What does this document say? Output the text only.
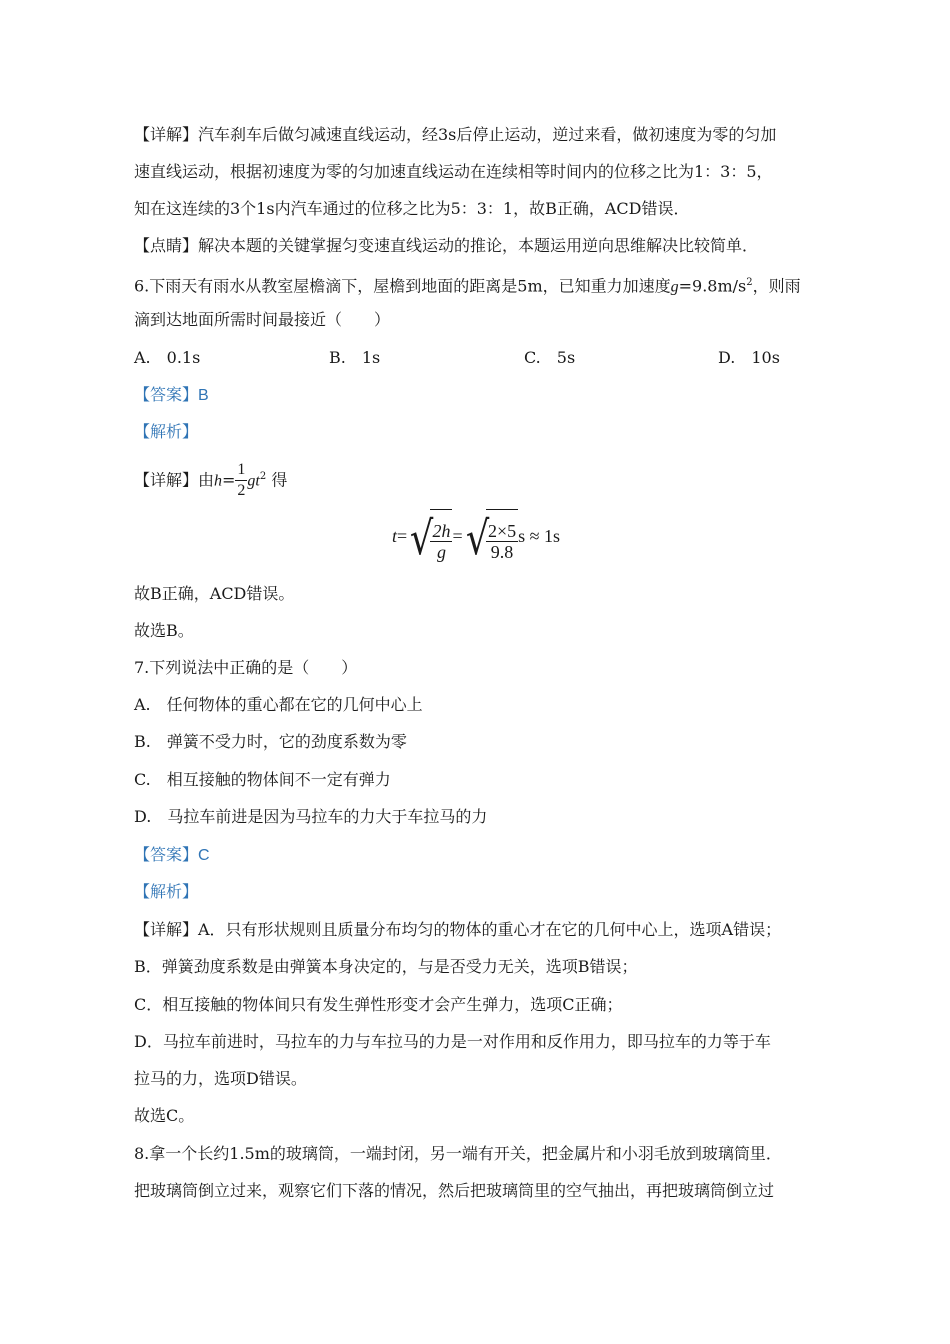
【详解】汽车刹车后做匀减速直线运动，经3s后停止运动，逆过来看，做初速度为零的匀加
速直线运动，根据初速度为零的匀加速直线运动在连续相等时间内的位移之比为1：3：5，
知在这连续的3个1s内汽车通过的位移之比为5：3：1，故B正确，ACD错误．
【点睛】解决本题的关键掌握匀变速直线运动的推论，本题运用逆向思维解决比较简单．
6.下雨天有雨水从教室屋檐滴下，屋檐到地面的距离是5m，已知重力加速度$g=9.8m/s^2$，则雨
滴到达地面所需时间最接近（　　）
A.　0.1s	B.　1s	C.　5s	D.　10s
【答案】B
【解析】
【详解】由$h= \frac{1}{2} gt^2$ 得
t=√
$\frac{2h}{g}$ =√
$\frac{2\times 5}{9.8}$ s ≈ 1s
故B正确，ACD错误。
故选B。
7.下列说法中正确的是（　　）
A.　任何物体的重心都在它的几何中心上
B.　弹簧不受力时，它的劲度系数为零
C.　相互接触的物体间不一定有弹力
D.　马拉车前进是因为马拉车的力大于车拉马的力
【答案】C
【解析】
【详解】A．只有形状规则且质量分布均匀的物体的重心才在它的几何中心上，选项A错误；
B．弹簧劲度系数是由弹簧本身决定的，与是否受力无关，选项B错误；
C．相互接触的物体间只有发生弹性形变才会产生弹力，选项C正确；
D．马拉车前进时，马拉车的力与车拉马的力是一对作用和反作用力，即马拉车的力等于车
拉马的力，选项D错误。
故选C。
8.拿一个长约1.5m的玻璃筒，一端封闭，另一端有开关，把金属片和小羽毛放到玻璃筒里．
把玻璃筒倒立过来，观察它们下落的情况，然后把玻璃筒里的空气抽出，再把玻璃筒倒立过
